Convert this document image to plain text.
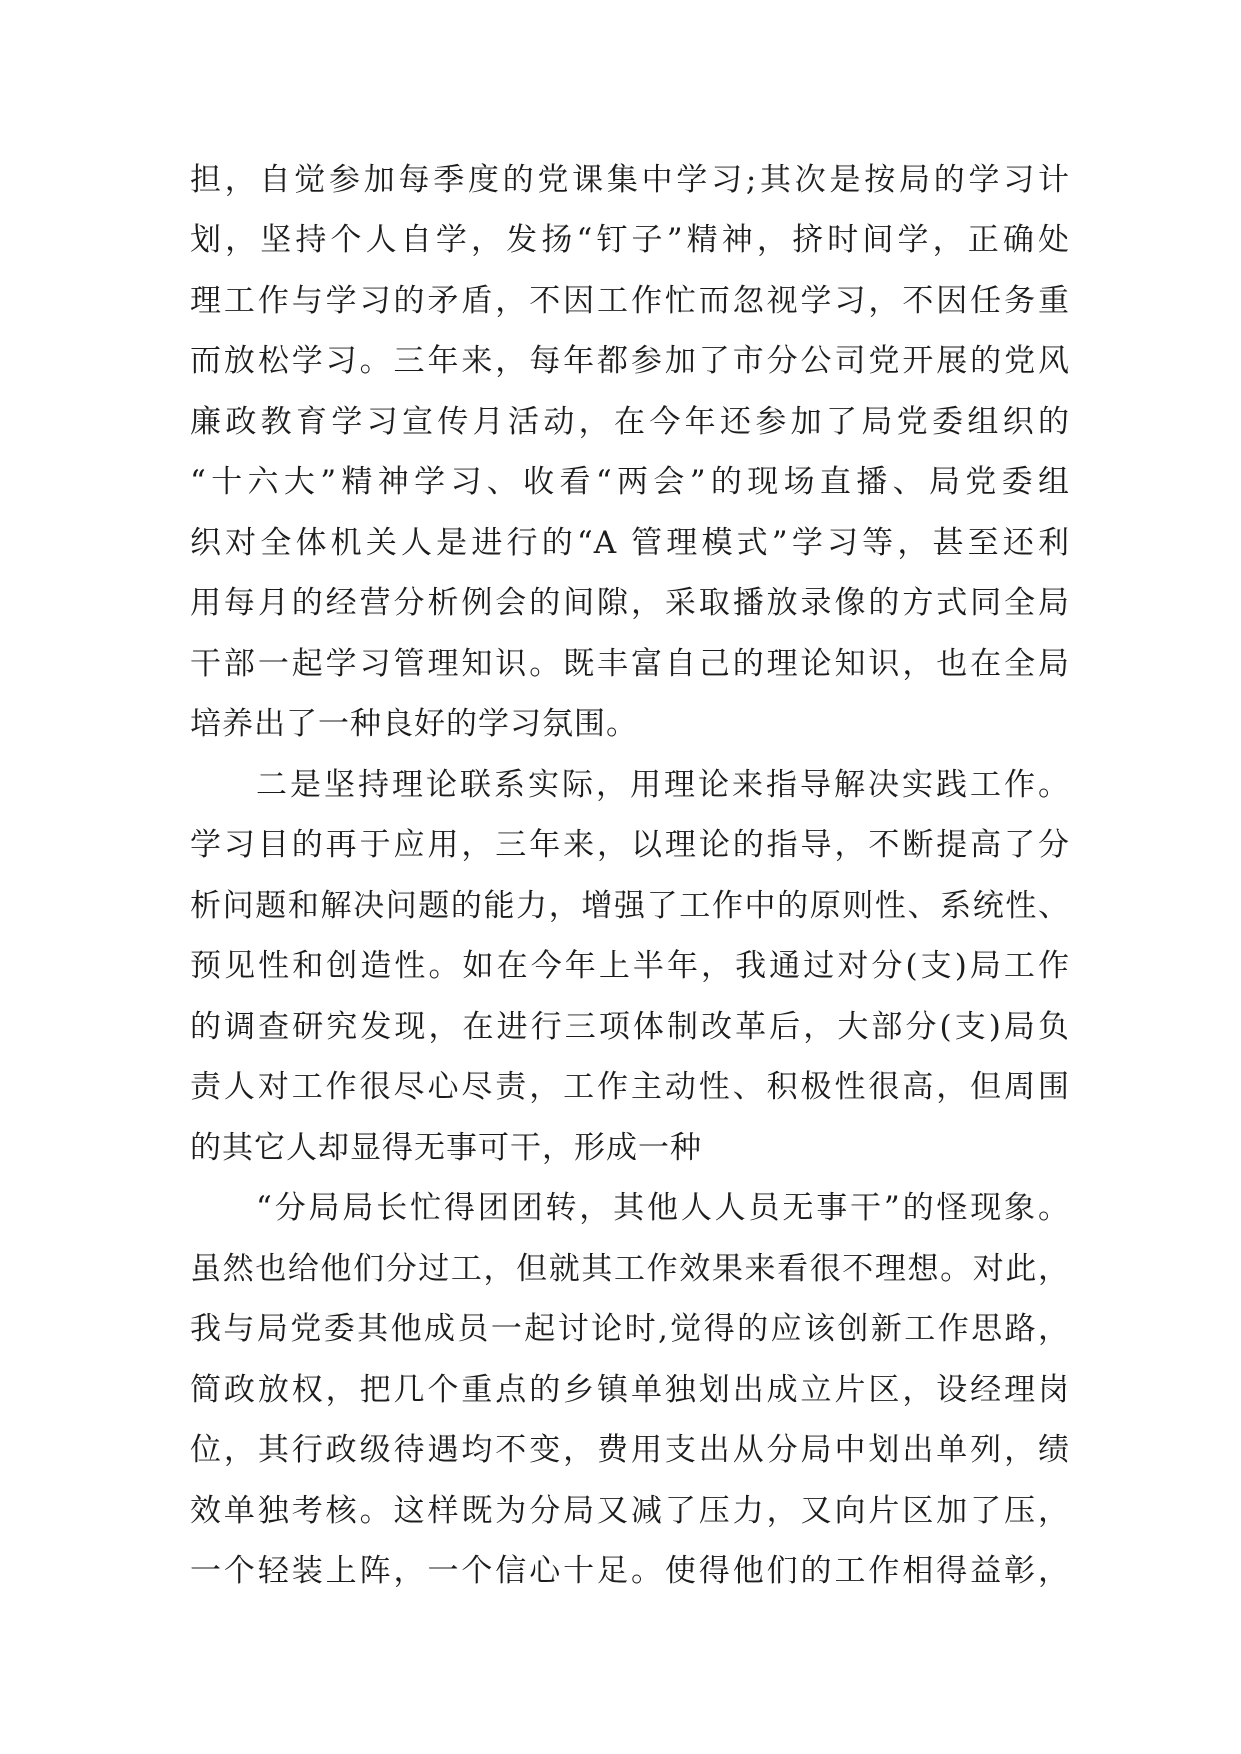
担，自觉参加每季度的党课集中学习;其次是按局的学习计
划，坚持个人自学，发扬“钉子”精神，挤时间学，正确处
理工作与学习的矛盾，不因工作忙而忽视学习，不因任务重
而放松学习。三年来，每年都参加了市分公司党开展的党风
廉政教育学习宣传月活动，在今年还参加了局党委组织的
“十六大”精神学习、收看“两会”的现场直播、局党委组
织对全体机关人是进行的“A 管理模式”学习等，甚至还利
用每月的经营分析例会的间隙，采取播放录像的方式同全局
干部一起学习管理知识。既丰富自己的理论知识，也在全局
培养出了一种良好的学习氛围。
二是坚持理论联系实际，用理论来指导解决实践工作。
学习目的再于应用，三年来，以理论的指导，不断提高了分
析问题和解决问题的能力，增强了工作中的原则性、系统性、
预见性和创造性。如在今年上半年，我通过对分(支)局工作
的调查研究发现，在进行三项体制改革后，大部分(支)局负
责人对工作很尽心尽责，工作主动性、积极性很高，但周围
的其它人却显得无事可干，形成一种
“分局局长忙得团团转，其他人人员无事干”的怪现象。
虽然也给他们分过工，但就其工作效果来看很不理想。对此，
我与局党委其他成员一起讨论时,觉得的应该创新工作思路，
简政放权，把几个重点的乡镇单独划出成立片区，设经理岗
位，其行政级待遇均不变，费用支出从分局中划出单列，绩
效单独考核。这样既为分局又减了压力，又向片区加了压，
一个轻装上阵，一个信心十足。使得他们的工作相得益彰，
